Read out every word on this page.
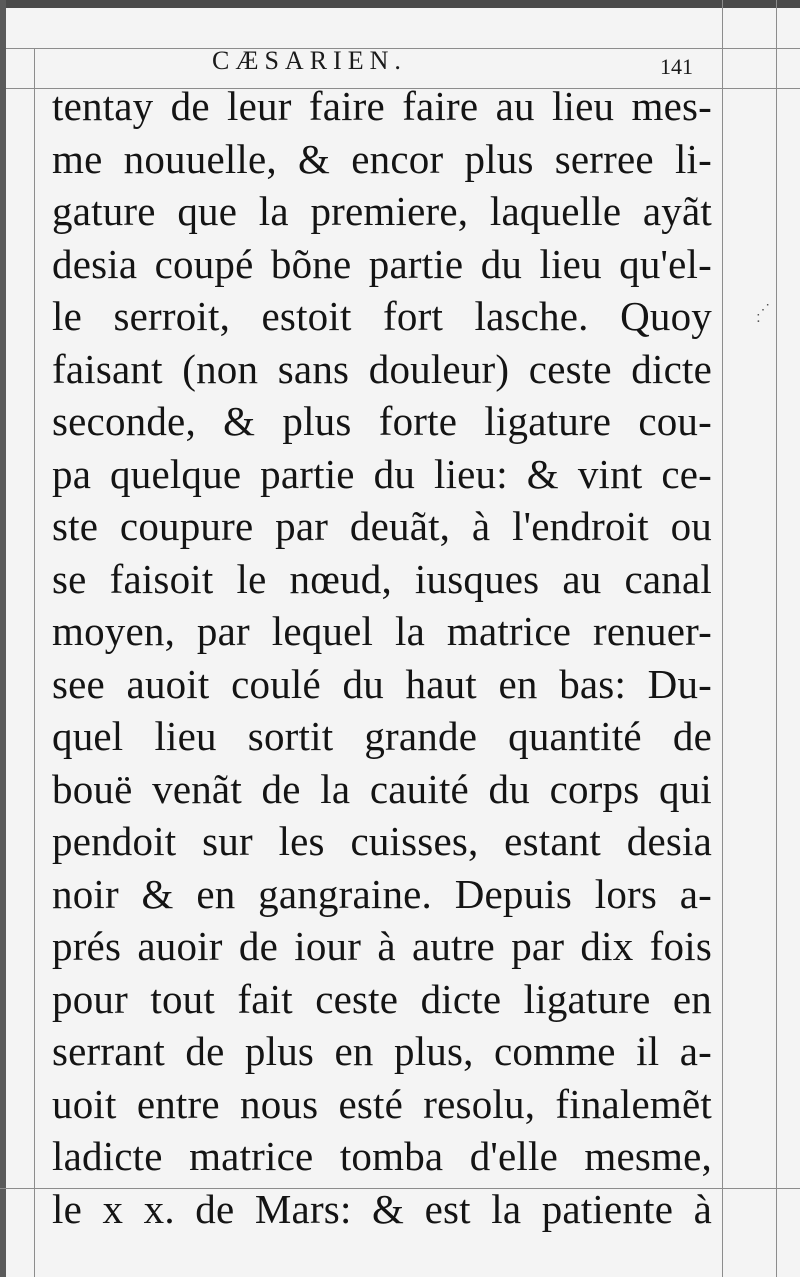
⋰
⋅
CÆSARIEN.	141
tentay de leur faire faire au lieu mes-
me nouuelle, & encor plus serree li-
gature que la premiere, laquelle ayãt
desia coupé bõne partie du lieu qu'el-
le serroit, estoit fort lasche. Quoy
faisant (non sans douleur) ceste dicte
seconde, & plus forte ligature cou-
pa quelque partie du lieu: & vint ce-
ste coupure par deuãt, à l'endroit ou
se faisoit le nœud, iusques au canal
moyen, par lequel la matrice renuer-
see auoit coulé du haut en bas: Du-
quel lieu sortit grande quantité de
bouë venãt de la cauité du corps qui
pendoit sur les cuisses, estant desia
noir & en gangraine. Depuis lors a-
prés auoir de iour à autre par dix fois
pour tout fait ceste dicte ligature en
serrant de plus en plus, comme il a-
uoit entre nous esté resolu, finalemẽt
ladicte matrice tomba d'elle mesme,
le x x. de Mars: & est la patiente à
